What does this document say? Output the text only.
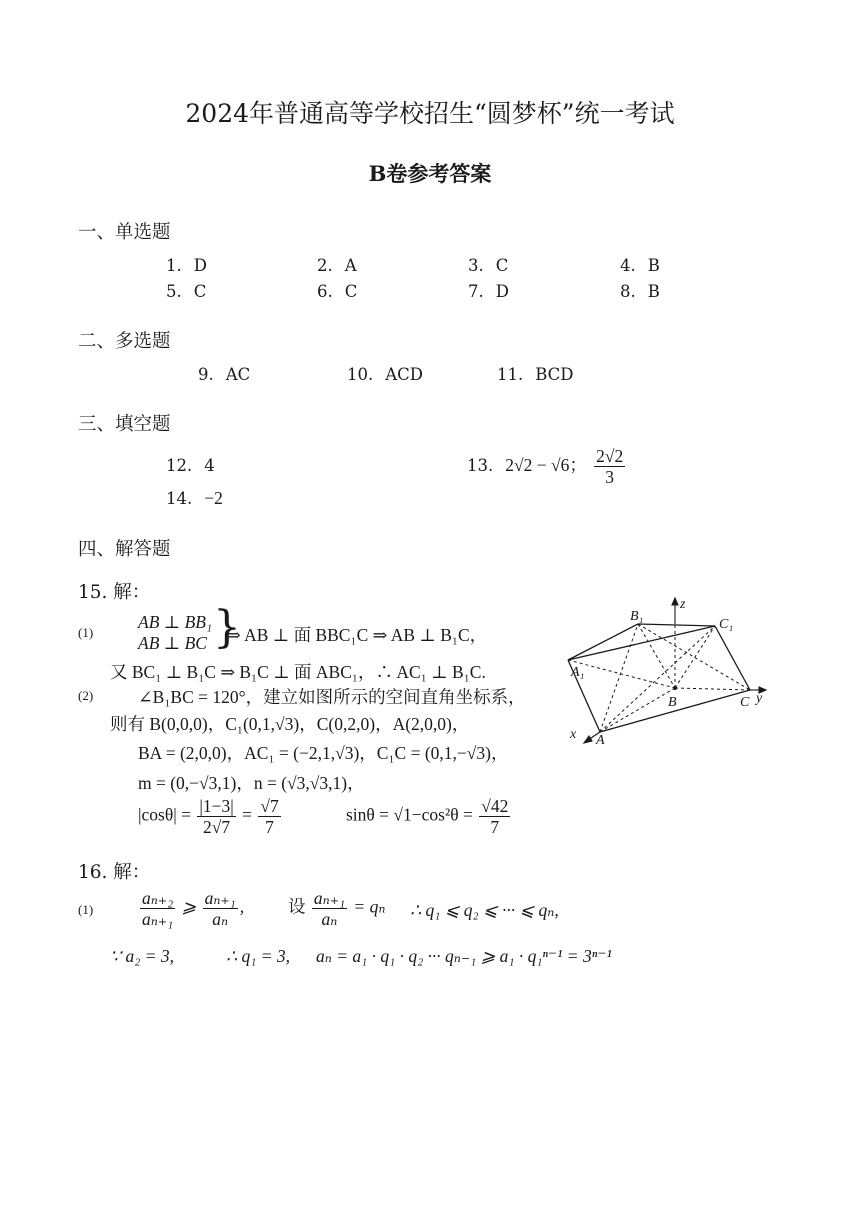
2024年普通高等学校招生“圆梦杯”统一考试
B卷参考答案
一、单选题
1. D	2. A	3. C	4. B
5. C	6. C	7. D	8. B
二、多选题
9. AC	10. ACD	11. BCD
三、填空题
12. 4	13. 2√2 − √6； $\frac{2√2}{3}$
14. −2
四、解答题
15. 解：
(1)
AB ⊥ BB₁
AB ⊥ BC }
⇒ AB ⊥ 面 BBC₁C ⇒ AB ⊥ B₁C，
又 BC₁ ⊥ B₁C ⇒ B₁C ⊥ 面 ABC₁，∴ AC₁ ⊥ B₁C.
(2)	∠B₁BC = 120°，建立如图所示的空间直角坐标系，
则有 B(0,0,0)，C₁(0,1,√3)，C(0,2,0)，A(2,0,0)，
BA = (2,0,0)，AC₁ = (−2,1,√3)，C₁C = (0,1,−√3)，
m = (0,−√3,1)，n = (√3,√3,1)，
$|\cos\theta| = \frac{|1-3|}{2√7} = \frac{√7}{7}$	$\sin\theta = √1-\cos^2\theta = \frac{√42}{7}$
B₁
C₁
A₁
B	C
A
x
y
z
16. 解：
(1)	$\frac{\text{aₙ₊₂}}{\text{aₙ₊₁}}$ ⩾ $\frac{\text{aₙ₊₁}}{\text{aₙ}}$ ,	设 $\frac{\text{aₙ₊₁}}{\text{aₙ}} = q_n$ ∴ q₁ ⩽ q₂ ⩽ ··· ⩽ qₙ,
∵ a₂ = 3,	∴ q₁ = 3, aₙ = a₁ · q₁ · q₂ ··· qₙ₋₁ ⩾ a₁ · q₁ⁿ⁻¹ = 3ⁿ⁻¹
